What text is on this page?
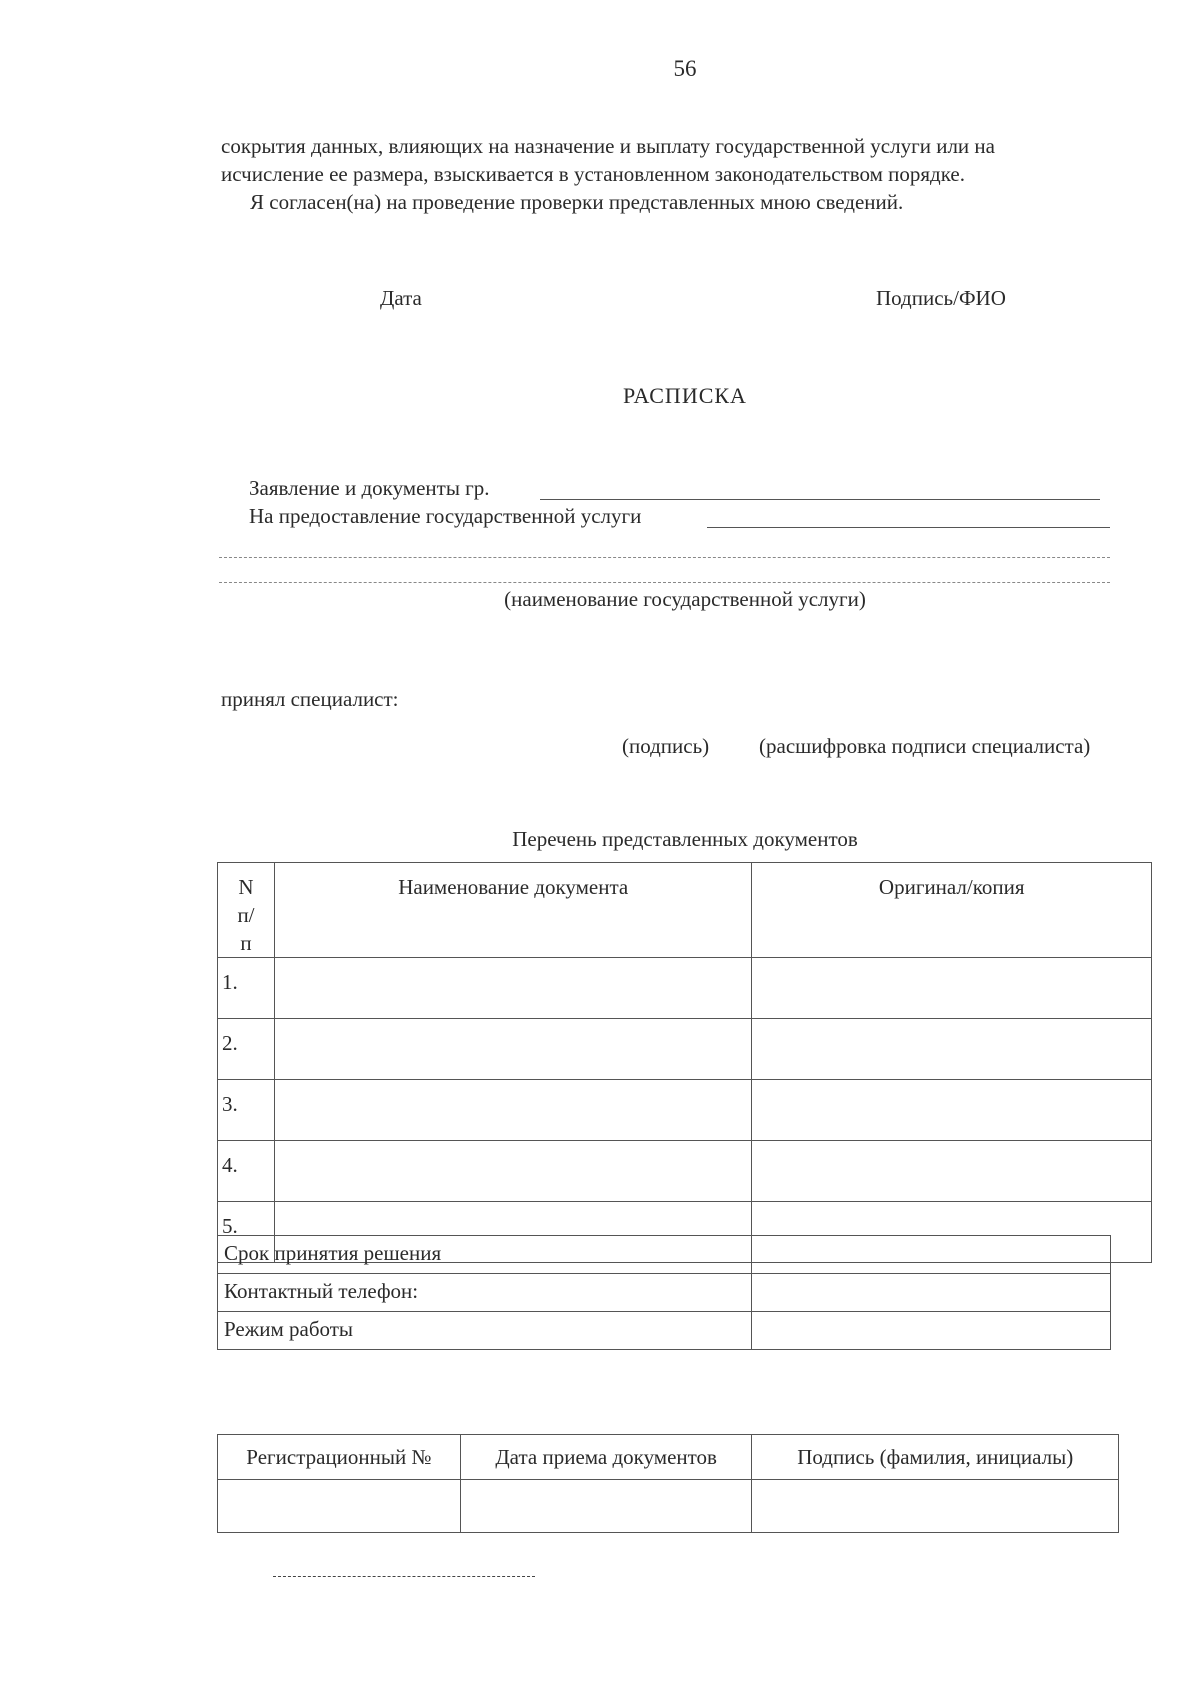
56

сокрытия данных, влияющих на назначение и выплату государственной услуги или на

исчисление ее размера, взыскивается в установленном законодательством порядке.

Я согласен(на) на проведение проверки представленных мною сведений.

Дата	Подпись/ФИО
РАСПИСКА
Заявление и документы гр.
На предоставление государственной услуги
(наименование государственной услуги)
принял специалист:
(подпись) (расшифровка подписи специалиста)
Перечень представленных документов
N п/п	Наименование документа	Оригинал/копия
1.		
2.		
3.		
4.		
5.		
Срок принятия решения	
Контактный телефон:	
Режим работы	
Регистрационный №	Дата приема документов	Подпись (фамилия, инициалы)
